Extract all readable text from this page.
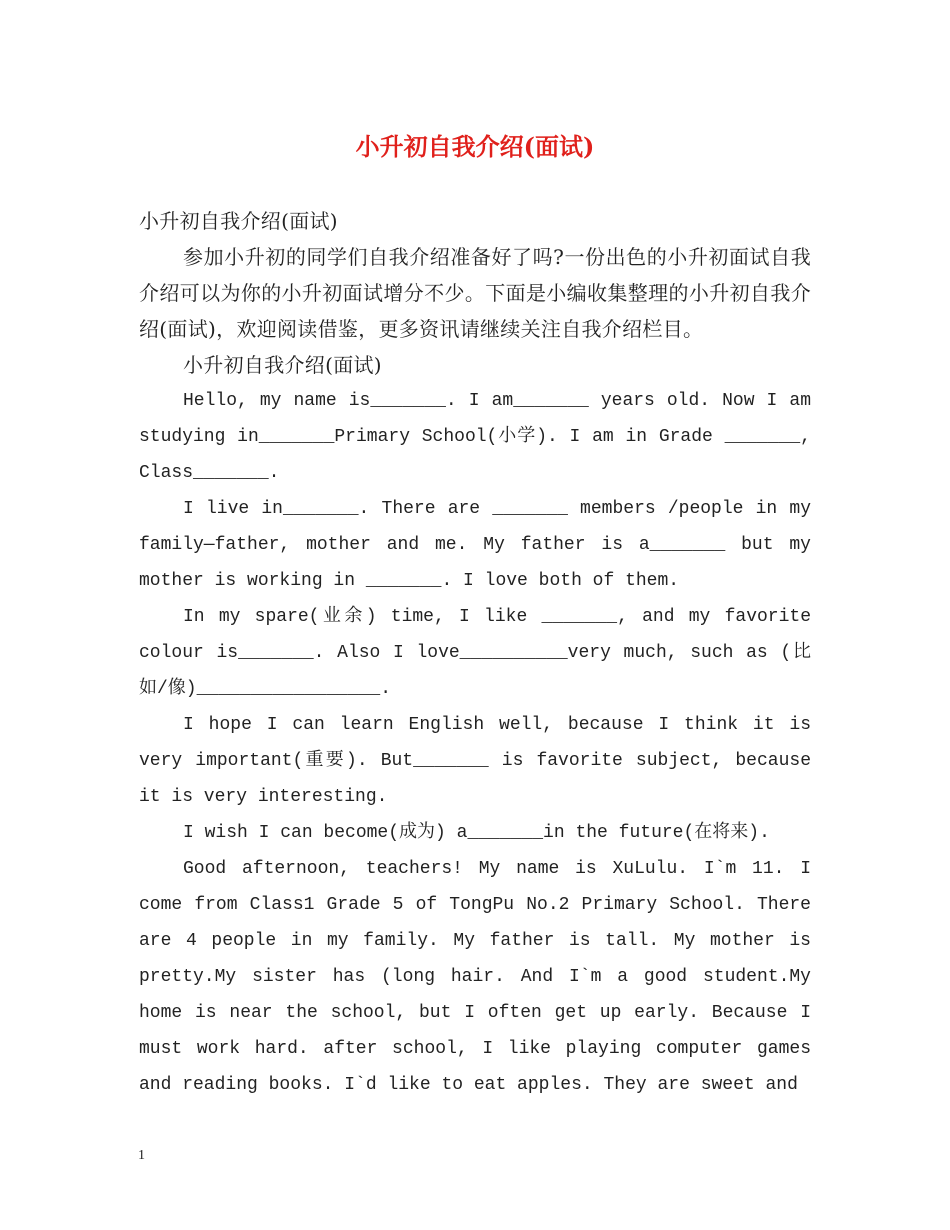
小升初自我介绍(面试)

小升初自我介绍(面试)

参加小升初的同学们自我介绍准备好了吗?一份出色的小升初面试自我介绍可以为你的小升初面试增分不少。下面是小编收集整理的小升初自我介绍(面试)，欢迎阅读借鉴，更多资讯请继续关注自我介绍栏目。

小升初自我介绍(面试)

Hello, my name is_______. I am_______ years old. Now I am studying in_______Primary School(小学). I am in Grade _______, Class_______.

I live in_______. There are _______ members /people in my family—father, mother and me. My father is a_______ but my mother is working in _______. I love both of them.

In my spare(业余) time, I like _______, and my favorite colour is_______. Also I love__________very much, such as (比如/像)_________________.

I hope I can learn English well, because I think it is very important(重要). But_______ is favorite subject, because it is very interesting.

I wish I can become(成为) a_______in the future(在将来).

Good afternoon, teachers! My name is XuLulu. I`m 11. I come from Class1 Grade 5 of TongPu No.2 Primary School. There are 4 people in my family. My father is tall. My mother is pretty.My sister has (long hair. And I`m a good student.My home is near the school, but I often get up early. Because I must work hard. after school, I like playing computer games and reading books. I`d like to eat apples. They are sweet and

1
